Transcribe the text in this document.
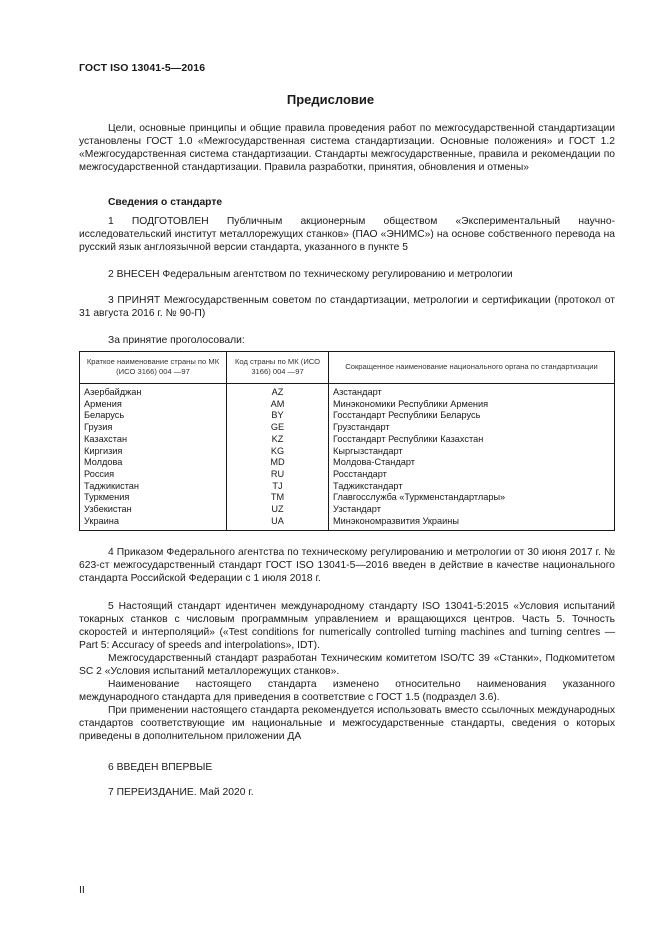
ГОСТ ISO 13041-5—2016
Предисловие

Цели, основные принципы и общие правила проведения работ по межгосударственной стандартизации установлены ГОСТ 1.0 «Межгосударственная система стандартизации. Основные положения» и ГОСТ 1.2 «Межгосударственная система стандартизации. Стандарты межгосударственные, правила и рекомендации по межгосударственной стандартизации. Правила разработки, принятия, обновления и отмены»

Сведения о стандарте

1 ПОДГОТОВЛЕН Публичным акционерным обществом «Экспериментальный научно-исследовательский институт металлорежущих станков» (ПАО «ЭНИМС») на основе собственного перевода на русский язык англоязычной версии стандарта, указанного в пункте 5

2 ВНЕСЕН Федеральным агентством по техническому регулированию и метрологии

3 ПРИНЯТ Межгосударственным советом по стандартизации, метрологии и сертификации (протокол от 31 августа 2016 г. № 90-П)

За принятие проголосовали:

Краткое наименование страны по МК (ИСО 3166) 004 —97	Код страны по МК (ИСО 3166) 004 —97	Сокращенное наименование национального органа по стандартизации
Азербайджан	AZ	Азстандарт
Армения	AM	Минэкономики Республики Армения
Беларусь	BY	Госстандарт Республики Беларусь
Грузия	GE	Грузстандарт
Казахстан	KZ	Госстандарт Республики Казахстан
Киргизия	KG	Кыргызстандарт
Молдова	MD	Молдова-Стандарт
Россия	RU	Росстандарт
Таджикистан	TJ	Таджикстандарт
Туркмения	TM	Главгосслужба «Туркменстандартлары»
Узбекистан	UZ	Узстандарт
Украина	UA	Минэкономразвития Украины

4 Приказом Федерального агентства по техническому регулированию и метрологии от 30 июня 2017 г. № 623-ст межгосударственный стандарт ГОСТ ISO 13041-5—2016 введен в действие в качестве национального стандарта Российской Федерации с 1 июля 2018 г.

5 Настоящий стандарт идентичен международному стандарту ISO 13041-5:2015 «Условия испытаний токарных станков с числовым программным управлением и вращающихся центров. Часть 5. Точность скоростей и интерполяций» («Test conditions for numerically controlled turning machines and turning centres — Part 5: Accuracy of speeds and interpolations», IDT).

Межгосударственный стандарт разработан Техническим комитетом ISO/TC 39 «Станки», Подкомитетом SC 2 «Условия испытаний металлорежущих станков».

Наименование настоящего стандарта изменено относительно наименования указанного международного стандарта для приведения в соответствие с ГОСТ 1.5 (подраздел 3.6).

При применении настоящего стандарта рекомендуется использовать вместо ссылочных международных стандартов соответствующие им национальные и межгосударственные стандарты, сведения о которых приведены в дополнительном приложении ДА

6 ВВЕДЕН ВПЕРВЫЕ

7 ПЕРЕИЗДАНИЕ. Май 2020 г.

II
